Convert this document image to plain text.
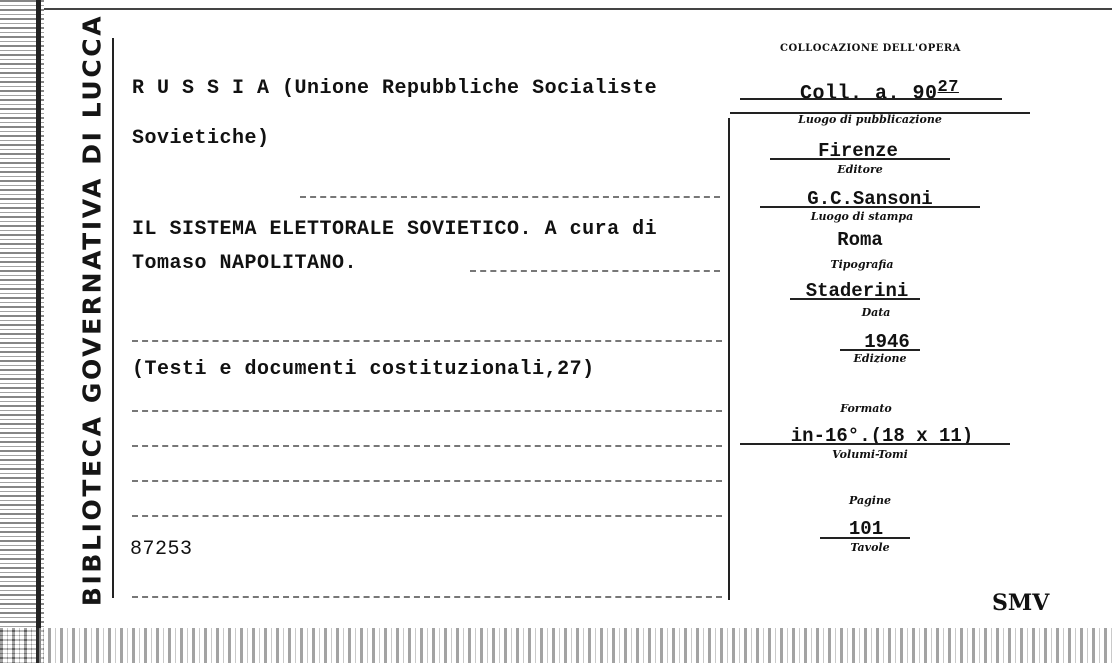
BIBLIOTECA GOVERNATIVA DI LUCCA R U S S I A (Unione Repubbliche Socialiste
Sovietiche)
IL SISTEMA ELETTORALE SOVIETICO. A cura di
Tomaso NAPOLITANO.
(Testi e documenti costituzionali,27)
87253
COLLOCAZIONE DELL'OPERA
Coll. a. $90^{27}$
Luogo di pubblicazione
Firenze
Editore
G.C.Sansoni
Luogo di stampa
Roma
Tipografia
Staderini
Data
1946
Edizione
Formato
in-16°.(18 x 11)
Volumi-Tomi
Pagine
101
Tavole
SMV
